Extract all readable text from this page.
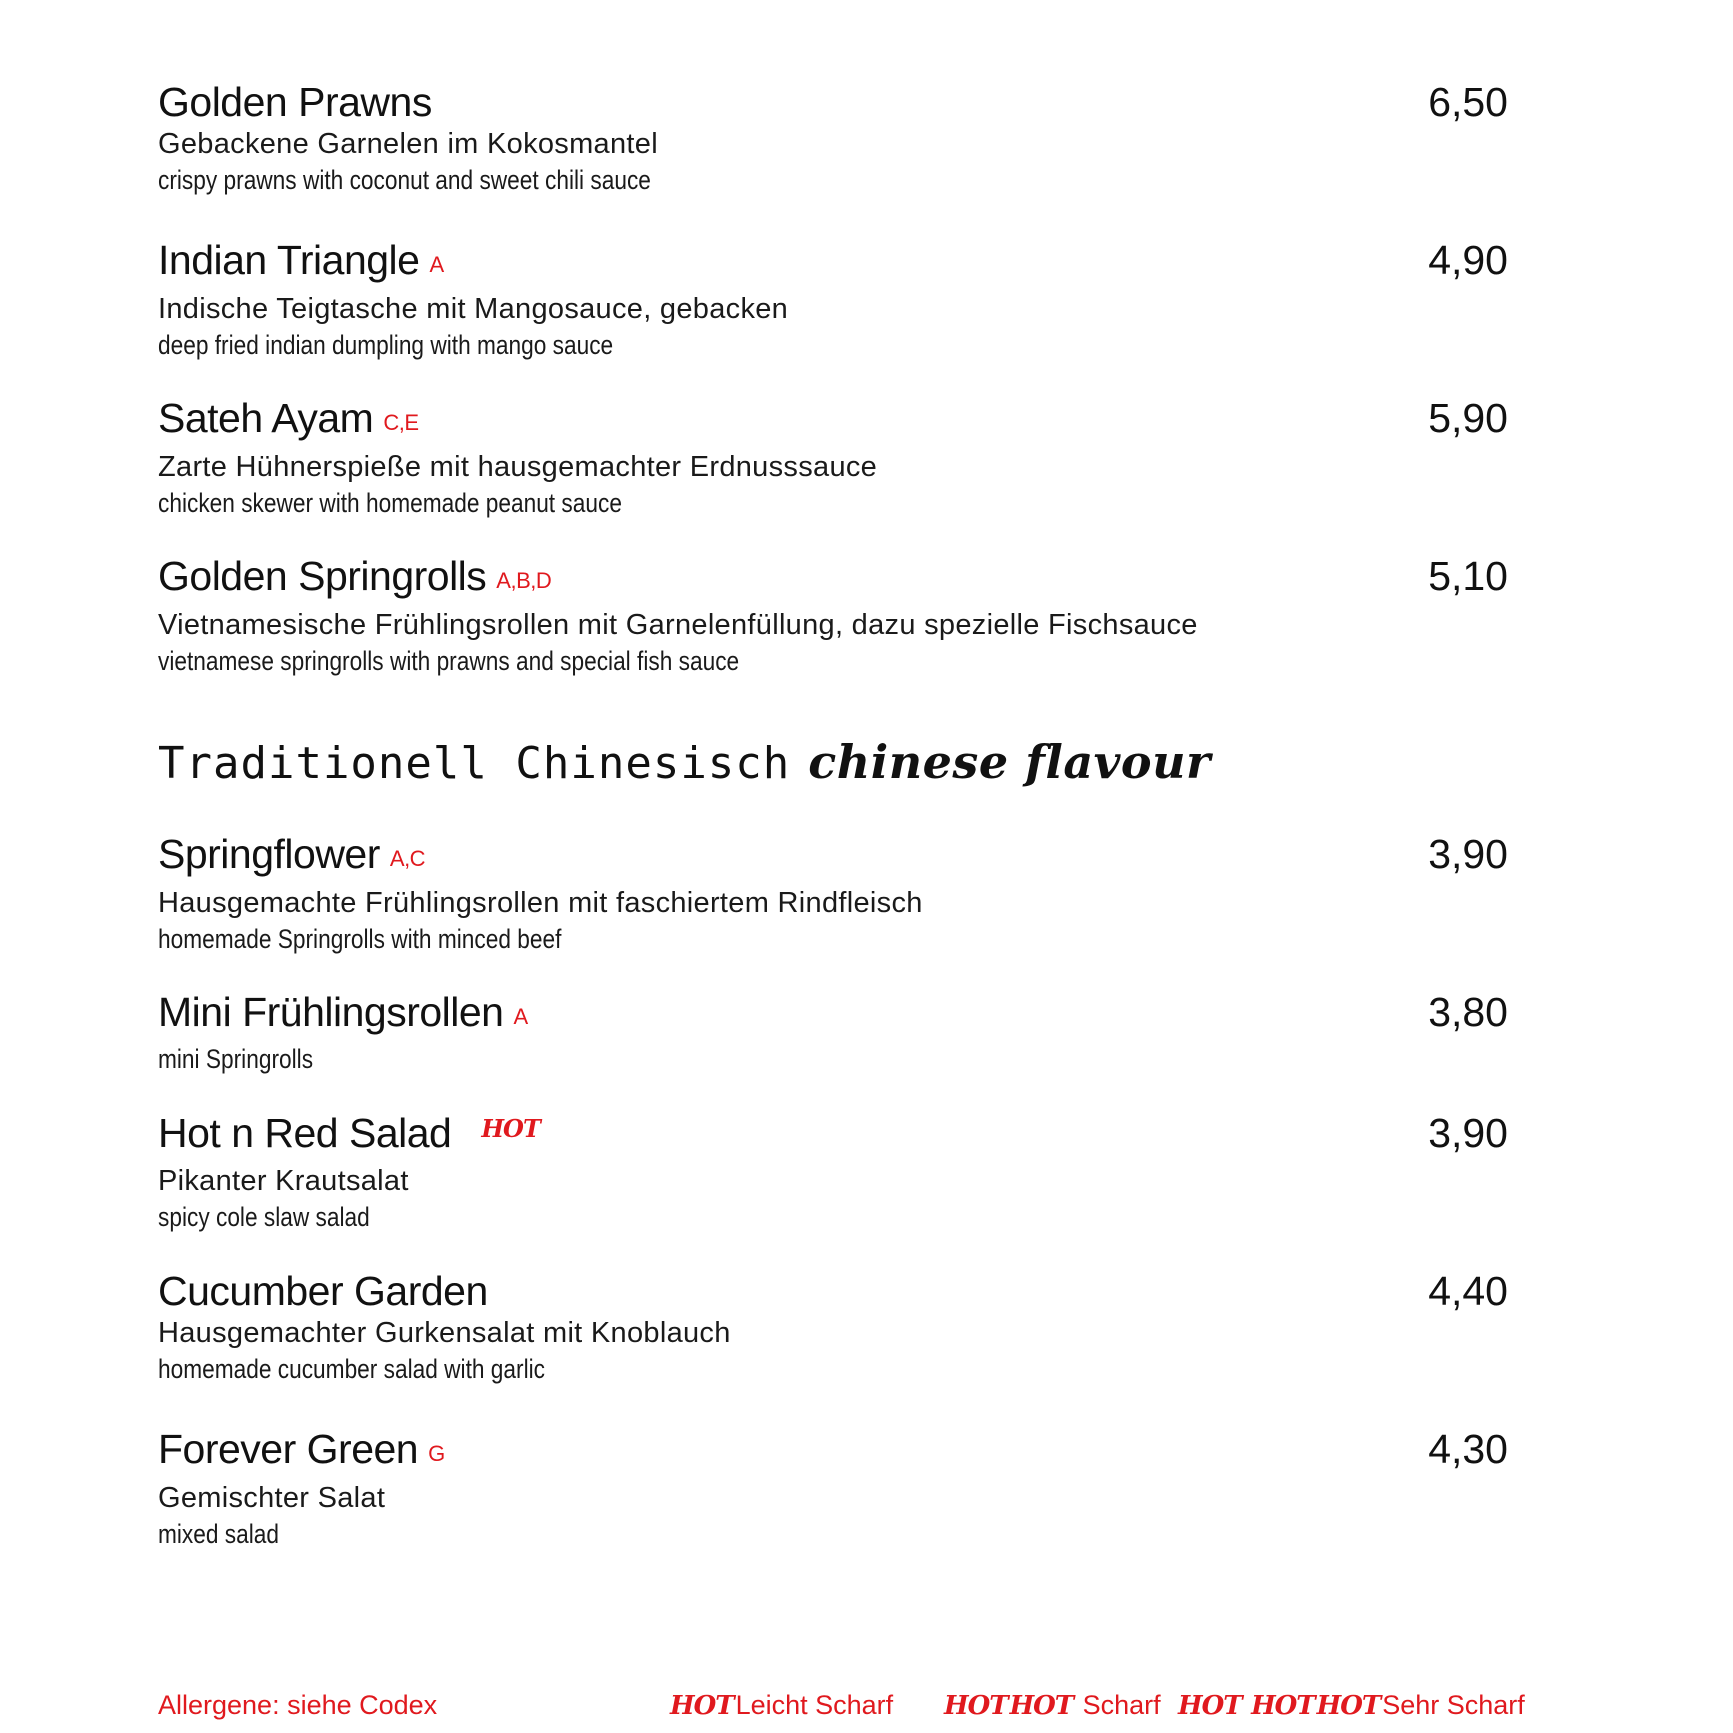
Golden Prawns	6,50
Gebackene Garnelen im Kokosmantel
crispy prawns with coconut and sweet chili sauce
Indian Triangle A	4,90
Indische Teigtasche mit Mangosauce, gebacken
deep fried indian dumpling with mango sauce
Sateh Ayam C,E	5,90
Zarte Hühnerspieße mit hausgemachter Erdnusssauce
chicken skewer with homemade peanut sauce
Golden Springrolls A,B,D	5,10
Vietnamesische Frühlingsrollen mit Garnelenfüllung, dazu spezielle Fischsauce
vietnamese springrolls with prawns and special fish sauce
Traditionell Chinesisch chinese flavour
Springflower A,C	3,90
Hausgemachte Frühlingsrollen mit faschiertem Rindfleisch
homemade Springrolls with minced beef
Mini Frühlingsrollen A	3,80
mini Springrolls
Hot n Red Salad HOT	3,90
Pikanter Krautsalat
spicy cole slaw salad
Cucumber Garden	4,40
Hausgemachter Gurkensalat mit Knoblauch
homemade cucumber salad with garlic
Forever Green G	4,30
Gemischter Salat
mixed salad
Allergene: siehe Codex	HOTLeicht Scharf HOTHOT Scharf HOT HOTHOTSehr Scharf
